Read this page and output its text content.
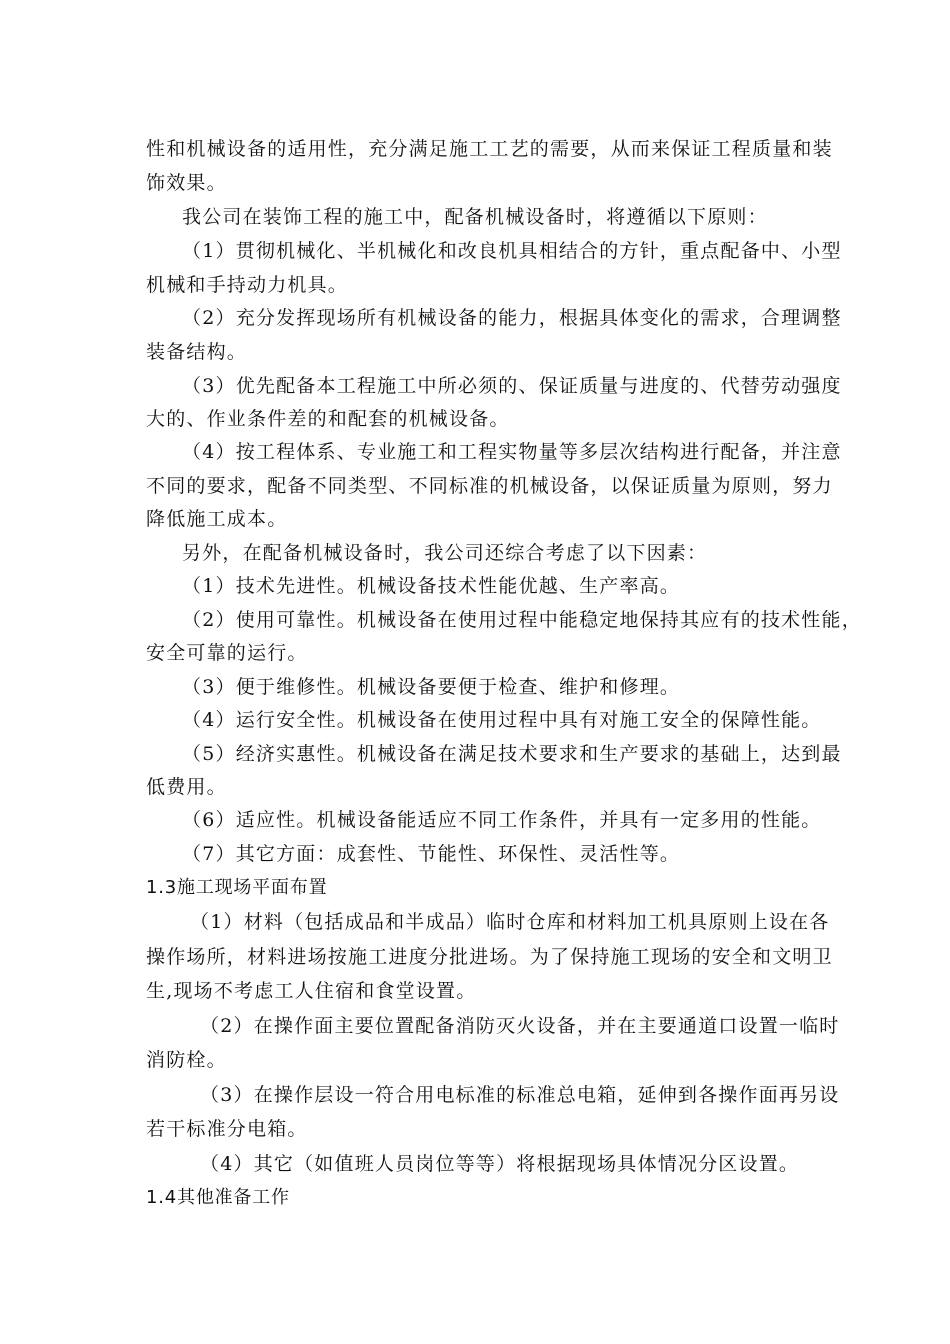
性和机械设备的适用性，充分满足施工工艺的需要，从而来保证工程质量和装
饰效果。
我公司在装饰工程的施工中，配备机械设备时，将遵循以下原则：
（1）贯彻机械化、半机械化和改良机具相结合的方针，重点配备中、小型
机械和手持动力机具。
（2）充分发挥现场所有机械设备的能力，根据具体变化的需求，合理调整
装备结构。
（3）优先配备本工程施工中所必须的、保证质量与进度的、代替劳动强度
大的、作业条件差的和配套的机械设备。
（4）按工程体系、专业施工和工程实物量等多层次结构进行配备，并注意
不同的要求，配备不同类型、不同标准的机械设备，以保证质量为原则，努力
降低施工成本。
另外，在配备机械设备时，我公司还综合考虑了以下因素：
（1）技术先进性。机械设备技术性能优越、生产率高。
（2）使用可靠性。机械设备在使用过程中能稳定地保持其应有的技术性能，
安全可靠的运行。
（3）便于维修性。机械设备要便于检查、维护和修理。
（4）运行安全性。机械设备在使用过程中具有对施工安全的保障性能。
（5）经济实惠性。机械设备在满足技术要求和生产要求的基础上，达到最
低费用。
（6）适应性。机械设备能适应不同工作条件，并具有一定多用的性能。
（7）其它方面：成套性、节能性、环保性、灵活性等。
1.3施工现场平面布置
（1）材料（包括成品和半成品）临时仓库和材料加工机具原则上设在各
操作场所，材料进场按施工进度分批进场。为了保持施工现场的安全和文明卫
生,现场不考虑工人住宿和食堂设置。
（2）在操作面主要位置配备消防灭火设备，并在主要通道口设置一临时
消防栓。
（3）在操作层设一符合用电标准的标准总电箱，延伸到各操作面再另设
若干标准分电箱。
（4）其它（如值班人员岗位等等）将根据现场具体情况分区设置。
1.4其他准备工作
